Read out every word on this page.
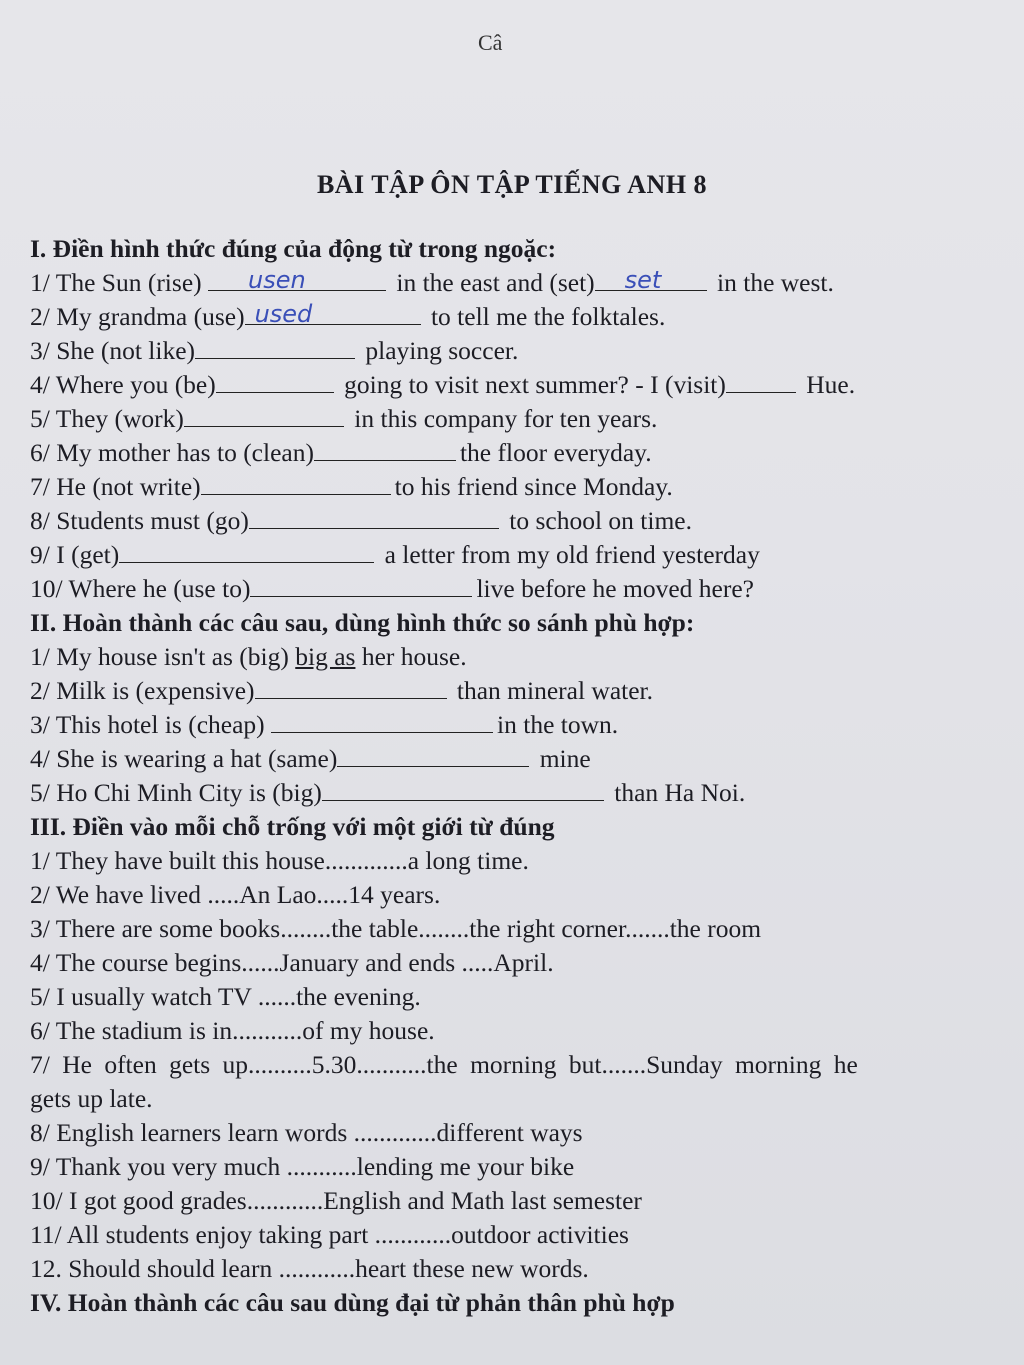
Câ
BÀI TẬP ÔN TẬP TIẾNG ANH 8
I. Điền hình thức đúng của động từ trong ngoặc:
1/ The Sun (rise) usen	in the east and (set) set in the west.
2/ My grandma (use) used	to tell me the folktales.
3/ She (not like)	playing soccer.
4/ Where you (be)	going to visit next summer? - I (visit)	Hue.
5/ They (work)	in this company for ten years.
6/ My mother has to (clean)	the floor everyday.
7/ He (not write)	to his friend since Monday.
8/ Students must (go)	to school on time.
9/ I (get)	a letter from my old friend yesterday
10/ Where he (use to)	live before he moved here?
II. Hoàn thành các câu sau, dùng hình thức so sánh phù hợp:
1/ My house isn't as (big) big as her house.
2/ Milk is (expensive)	than mineral water.
3/ This hotel is (cheap)	in the town.
4/ She is wearing a hat (same)	mine
5/ Ho Chi Minh City is (big)	than Ha Noi.
III. Điền vào mỗi chỗ trống với một giới từ đúng
1/ They have built this house.............a long time.
2/ We have lived .....An Lao.....14 years.
3/ There are some books........the table........the right corner.......the room
4/ The course begins......January and ends .....April.
5/ I usually watch TV ......the evening.
6/ The stadium is in...........of my house.
7/ He often gets up..........5.30...........the morning but.......Sunday morning he
gets up late.
8/ English learners learn words .............different ways
9/ Thank you very much ...........lending me your bike
10/ I got good grades............English and Math last semester
11/ All students enjoy taking part ............outdoor activities
12. Should should learn ............heart these new words.
IV. Hoàn thành các câu sau dùng đại từ phản thân phù hợp
